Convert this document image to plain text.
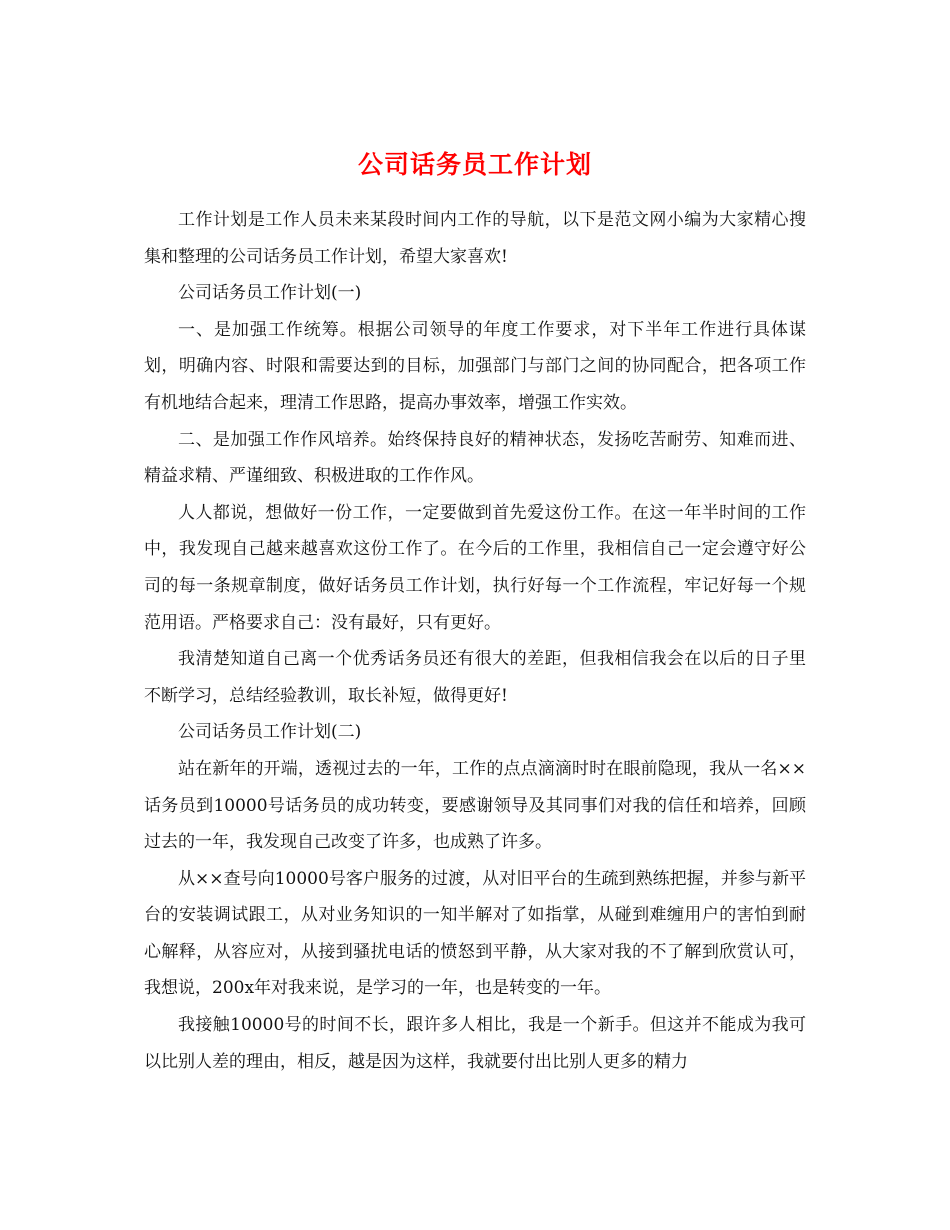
公司话务员工作计划

工作计划是工作人员未来某段时间内工作的导航，以下是范文网小编为大家精心搜集和整理的公司话务员工作计划，希望大家喜欢!

公司话务员工作计划(一)

一、是加强工作统筹。根据公司领导的年度工作要求，对下半年工作进行具体谋划，明确内容、时限和需要达到的目标，加强部门与部门之间的协同配合，把各项工作有机地结合起来，理清工作思路，提高办事效率，增强工作实效。

二、是加强工作作风培养。始终保持良好的精神状态，发扬吃苦耐劳、知难而进、精益求精、严谨细致、积极进取的工作作风。

人人都说，想做好一份工作，一定要做到首先爱这份工作。在这一年半时间的工作中，我发现自己越来越喜欢这份工作了。在今后的工作里，我相信自己一定会遵守好公司的每一条规章制度，做好话务员工作计划，执行好每一个工作流程，牢记好每一个规范用语。严格要求自己：没有最好，只有更好。

我清楚知道自己离一个优秀话务员还有很大的差距，但我相信我会在以后的日子里不断学习，总结经验教训，取长补短，做得更好!

公司话务员工作计划(二)

站在新年的开端，透视过去的一年，工作的点点滴滴时时在眼前隐现，我从一名××话务员到10000号话务员的成功转变，要感谢领导及其同事们对我的信任和培养，回顾过去的一年，我发现自己改变了许多，也成熟了许多。

从××查号向10000号客户服务的过渡，从对旧平台的生疏到熟练把握，并参与新平台的安装调试跟工，从对业务知识的一知半解对了如指掌，从碰到难缠用户的害怕到耐心解释，从容应对，从接到骚扰电话的愤怒到平静，从大家对我的不了解到欣赏认可，我想说，200x年对我来说，是学习的一年，也是转变的一年。

我接触10000号的时间不长，跟许多人相比，我是一个新手。但这并不能成为我可以比别人差的理由，相反，越是因为这样，我就要付出比别人更多的精力
